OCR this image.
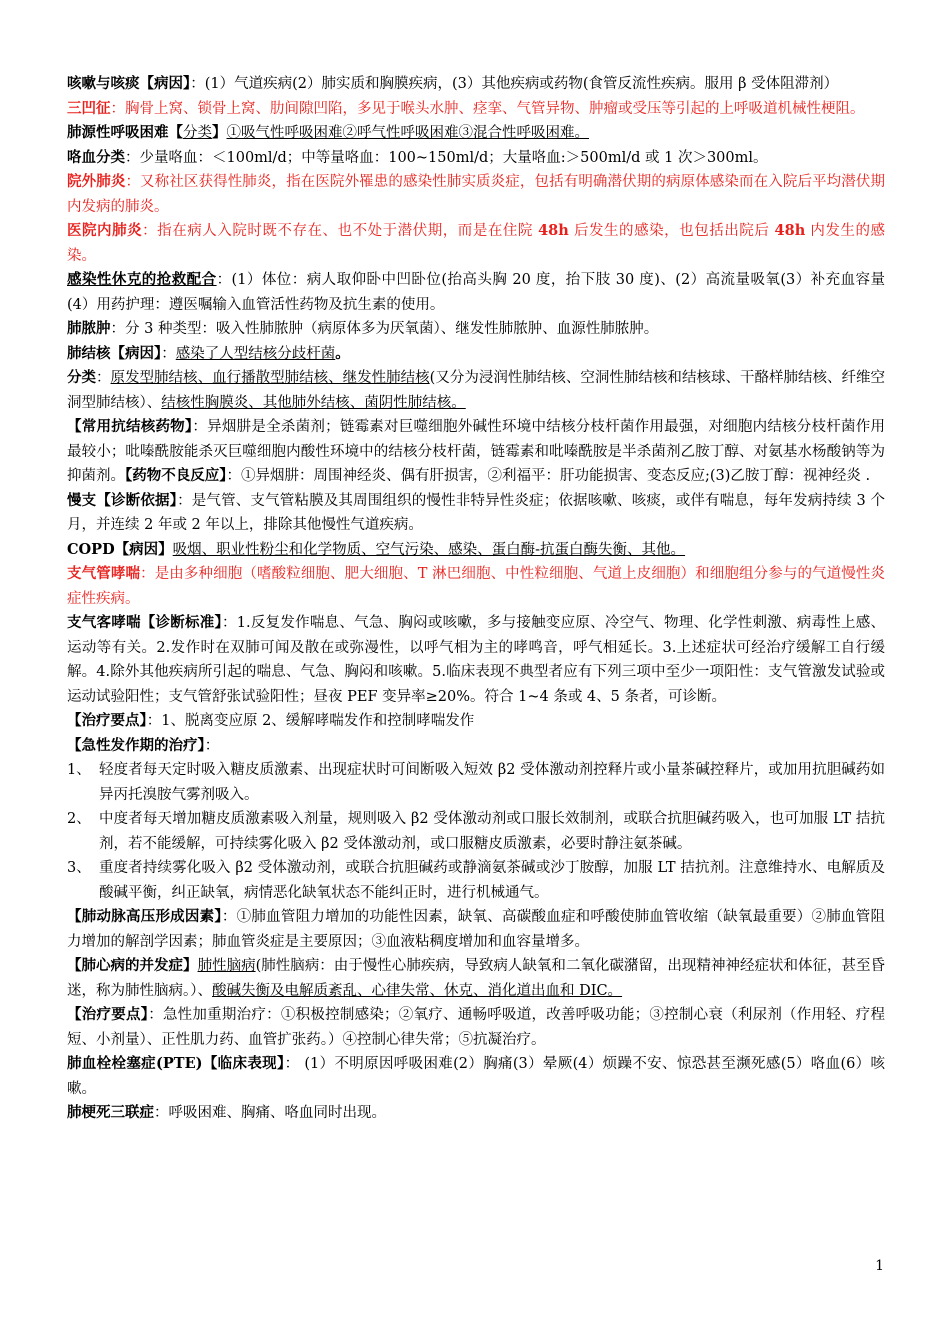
咳嗽与咳痰【病因】：(1）气道疾病(2）肺实质和胸膜疾病，(3）其他疾病或药物(食管反流性疾病。服用 β 受体阻滞剂）

三凹征：胸骨上窝、锁骨上窝、肋间隙凹陷，多见于喉头水肿、痉挛、气管异物、肿瘤或受压等引起的上呼吸道机械性梗阻。

肺源性呼吸困难【分类】①吸气性呼吸困难②呼气性呼吸困难③混合性呼吸困难。

咯血分类：少量咯血：＜100ml/d；中等量咯血：100~150ml/d；大量咯血:＞500ml/d 或 1 次＞300ml。

院外肺炎：又称社区获得性肺炎，指在医院外罹患的感染性肺实质炎症，包括有明确潜伏期的病原体感染而在入院后平均潜伏期内发病的肺炎。

医院内肺炎：指在病人入院时既不存在、也不处于潜伏期，而是在住院 48h 后发生的感染，也包括出院后 48h 内发生的感染。

感染性休克的抢救配合：(1）体位：病人取仰卧中凹卧位(抬高头胸 20 度，抬下肢 30 度)、(2）高流量吸氧(3）补充血容量 (4）用药护理：遵医嘱输入血管活性药物及抗生素的使用。

肺脓肿：分 3 种类型：吸入性肺脓肿（病原体多为厌氧菌）、继发性肺脓肿、血源性肺脓肿。

肺结核【病因】：感染了人型结核分歧杆菌。

分类：原发型肺结核、血行播散型肺结核、继发性肺结核(又分为浸润性肺结核、空洞性肺结核和结核球、干酪样肺结核、纤维空洞型肺结核）、结核性胸膜炎、其他肺外结核、菌阴性肺结核。

【常用抗结核药物】：异烟肼是全杀菌剂；链霉素对巨噬细胞外碱性环境中结核分枝杆菌作用最强，对细胞内结核分枝杆菌作用最较小；吡嗪酰胺能杀灭巨噬细胞内酸性环境中的结核分枝杆菌，链霉素和吡嗪酰胺是半杀菌剂乙胺丁醇、对氨基水杨酸钠等为抑菌剂。【药物不良反应】：①异烟肼：周围神经炎、偶有肝损害，②利福平：肝功能损害、变态反应;(3)乙胺丁醇：视神经炎 .

慢支【诊断依据】：是气管、支气管粘膜及其周围组织的慢性非特异性炎症；依据咳嗽、咳痰，或伴有喘息，每年发病持续 3 个月，并连续 2 年或 2 年以上，排除其他慢性气道疾病。

COPD【病因】吸烟、职业性粉尘和化学物质、空气污染、感染、蛋白酶-抗蛋白酶失衡、其他。

支气管哮喘：是由多种细胞（嗜酸粒细胞、肥大细胞、T 淋巴细胞、中性粒细胞、气道上皮细胞）和细胞组分参与的气道慢性炎症性疾病。

支气客哮喘【诊断标准】：1.反复发作喘息、气急、胸闷或咳嗽，多与接触变应原、冷空气、物理、化学性刺激、病毒性上感、运动等有关。2.发作时在双肺可闻及散在或弥漫性，以呼气相为主的哮鸣音，呼气相延长。3.上述症状可经治疗缓解工自行缓解。4.除外其他疾病所引起的喘息、气急、胸闷和咳嗽。5.临床表现不典型者应有下列三项中至少一项阳性：支气管激发试验或运动试验阳性；支气管舒张试验阳性；昼夜 PEF 变异率≥20%。符合 1~4 条或 4、5 条者，可诊断。

【治疗要点】：1、脱离变应原 2、缓解哮喘发作和控制哮喘发作

【急性发作期的治疗】：

1、 轻度者每天定时吸入糖皮质激素、出现症状时可间断吸入短效 β2 受体激动剂控释片或小量茶碱控释片，或加用抗胆碱药如异丙托溴胺气雾剂吸入。
2、 中度者每天增加糖皮质激素吸入剂量，规则吸入 β2 受体激动剂或口服长效制剂，或联合抗胆碱药吸入，也可加服 LT 拮抗剂，若不能缓解，可持续雾化吸入 β2 受体激动剂，或口服糖皮质激素，必要时静注氨茶碱。
3、 重度者持续雾化吸入 β2 受体激动剂，或联合抗胆碱药或静滴氨茶碱或沙丁胺醇，加服 LT 拮抗剂。注意维持水、电解质及酸碱平衡，纠正缺氧，病情恶化缺氧状态不能纠正时，进行机械通气。

【肺动脉高压形成因素】：①肺血管阻力增加的功能性因素，缺氧、高碳酸血症和呼酸使肺血管收缩（缺氧最重要）②肺血管阻力增加的解剖学因素；肺血管炎症是主要原因；③血液粘稠度增加和血容量增多。

【肺心病的并发症】肺性脑病(肺性脑病：由于慢性心肺疾病，导致病人缺氧和二氧化碳潴留，出现精神神经症状和体征，甚至昏迷，称为肺性脑病。）、酸碱失衡及电解质紊乱、心律失常、休克、消化道出血和 DIC。

【治疗要点】：急性加重期治疗：①积极控制感染；②氧疗、通畅呼吸道，改善呼吸功能；③控制心衰（利尿剂（作用轻、疗程短、小剂量）、正性肌力药、血管扩张药。）④控制心律失常；⑤抗凝治疗。

肺血栓栓塞症(PTE)【临床表现】： (1）不明原因呼吸困难(2）胸痛(3）晕厥(4）烦躁不安、惊恐甚至濒死感(5）咯血(6）咳嗽。

肺梗死三联症：呼吸困难、胸痛、咯血同时出现。

1
